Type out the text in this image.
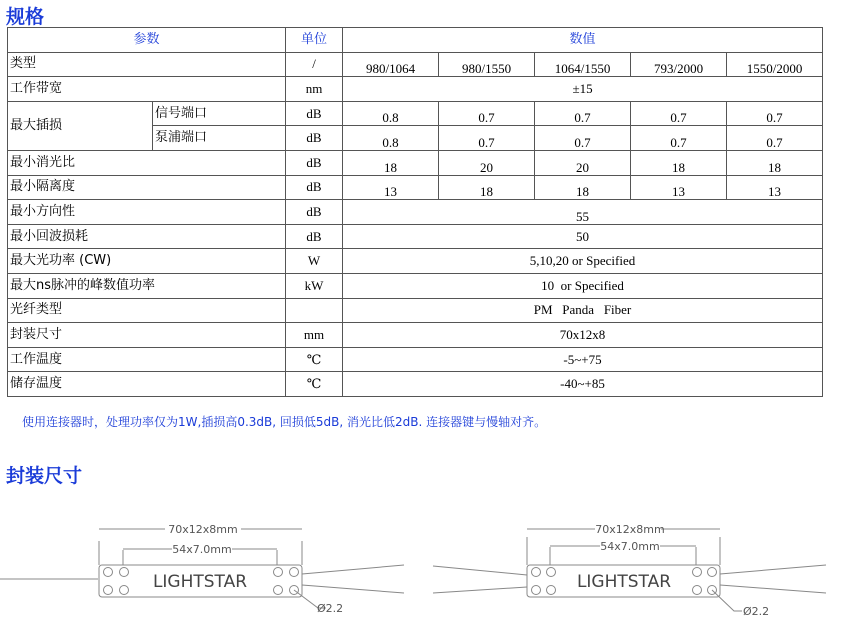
规格
参数		单位	数值				
类型		/	980/1064	980/1550	1064/1550	793/2000	1550/2000
工作带宽		nm	±15				
最大插损	信号端口	dB	0.8	0.7	0.7	0.7	0.7
	泵浦端口	dB	0.8	0.7	0.7	0.7	0.7
最小消光比		dB	18	20	20	18	18
最小隔离度		dB	13	18	18	13	13
最小方向性		dB	55				
最小回波损耗		dB	50				
最大光功率 (CW)		W	5,10,20 or Specified				
最大ns脉冲的峰数值功率		kW	10  or Specified				
光纤类型			PM   Panda   Fiber				
封装尺寸		mm	70x12x8				
工作温度		℃	-5~+75				
储存温度		℃	-40~+85				
使用连接器时，处理功率仅为1W,插损高0.3dB, 回损低5dB, 消光比低2dB. 连接器键与慢轴对齐。
封装尺寸
70x12x8mm
54x7.0mm
70x12x8mm
54x7.0mm
Ø2.2	Ø2.2
LIGHTSTAR	LIGHTSTAR
